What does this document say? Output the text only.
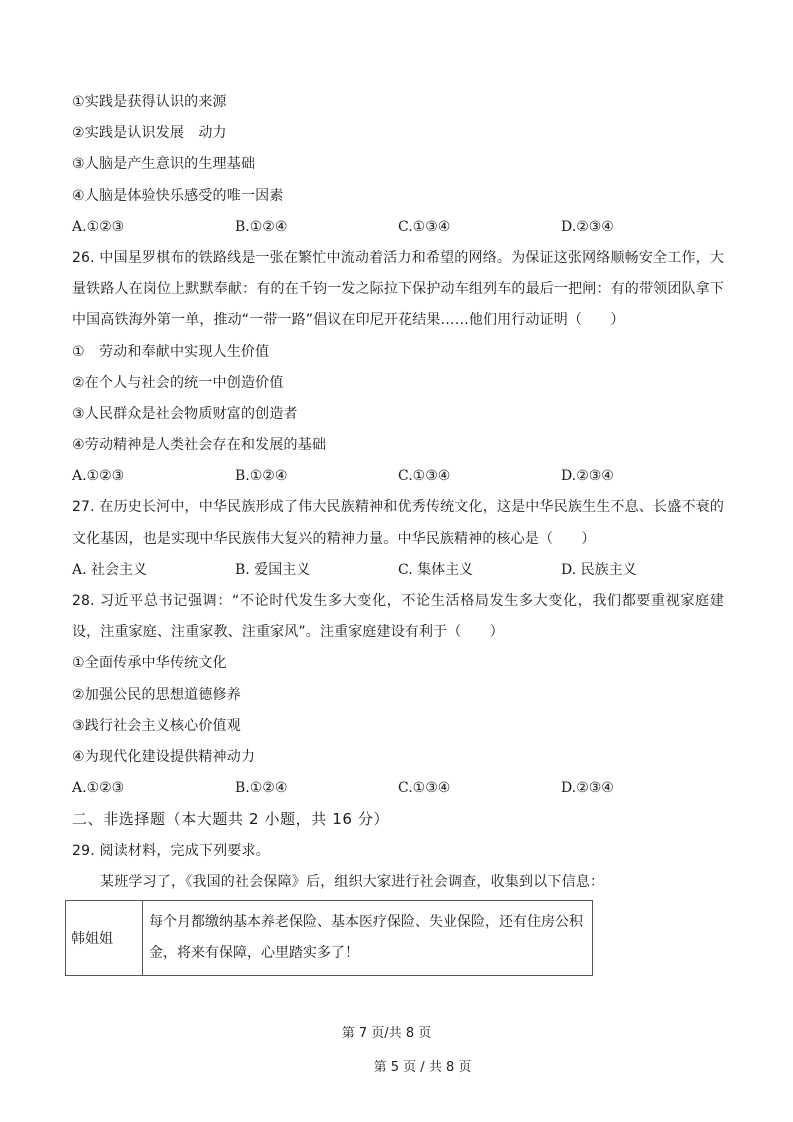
①实践是获得认识的来源
②实践是认识发展　动力
③人脑是产生意识的生理基础
④人脑是体验快乐感受的唯一因素
A.①②③	B.①②④	C.①③④	D.②③④
26. 中国星罗棋布的铁路线是一张在繁忙中流动着活力和希望的网络。为保证这张网络顺畅安全工作，大量铁路人在岗位上默默奉献：有的在千钧一发之际拉下保护动车组列车的最后一把闸：有的带领团队拿下中国高铁海外第一单，推动“一带一路”倡议在印尼开花结果……他们用行动证明（　　）
①　劳动和奉献中实现人生价值
②在个人与社会的统一中创造价值
③人民群众是社会物质财富的创造者
④劳动精神是人类社会存在和发展的基础
A.①②③	B.①②④	C.①③④	D.②③④
27. 在历史长河中，中华民族形成了伟大民族精神和优秀传统文化，这是中华民族生生不息、长盛不衰的文化基因，也是实现中华民族伟大复兴的精神力量。中华民族精神的核心是（　　）
A. 社会主义	B. 爱国主义	C. 集体主义	D. 民族主义
28. 习近平总书记强调：“不论时代发生多大变化，不论生活格局发生多大变化，我们都要重视家庭建设，注重家庭、注重家教、注重家风”。注重家庭建设有利于（　　）
①全面传承中华传统文化
②加强公民的思想道德修养
③践行社会主义核心价值观
④为现代化建设提供精神动力
A.①②③	B.①②④	C.①③④	D.②③④
二、非选择题（本大题共 2 小题，共 16 分）
29. 阅读材料，完成下列要求。
某班学习了，《我国的社会保障》后，组织大家进行社会调查，收集到以下信息：
韩姐姐	每个月都缴纳基本养老保险、基本医疗保险、失业保险，还有住房公积金，将来有保障，心里踏实多了！
第 7 页/共 8 页
第 5 页 / 共 8 页
